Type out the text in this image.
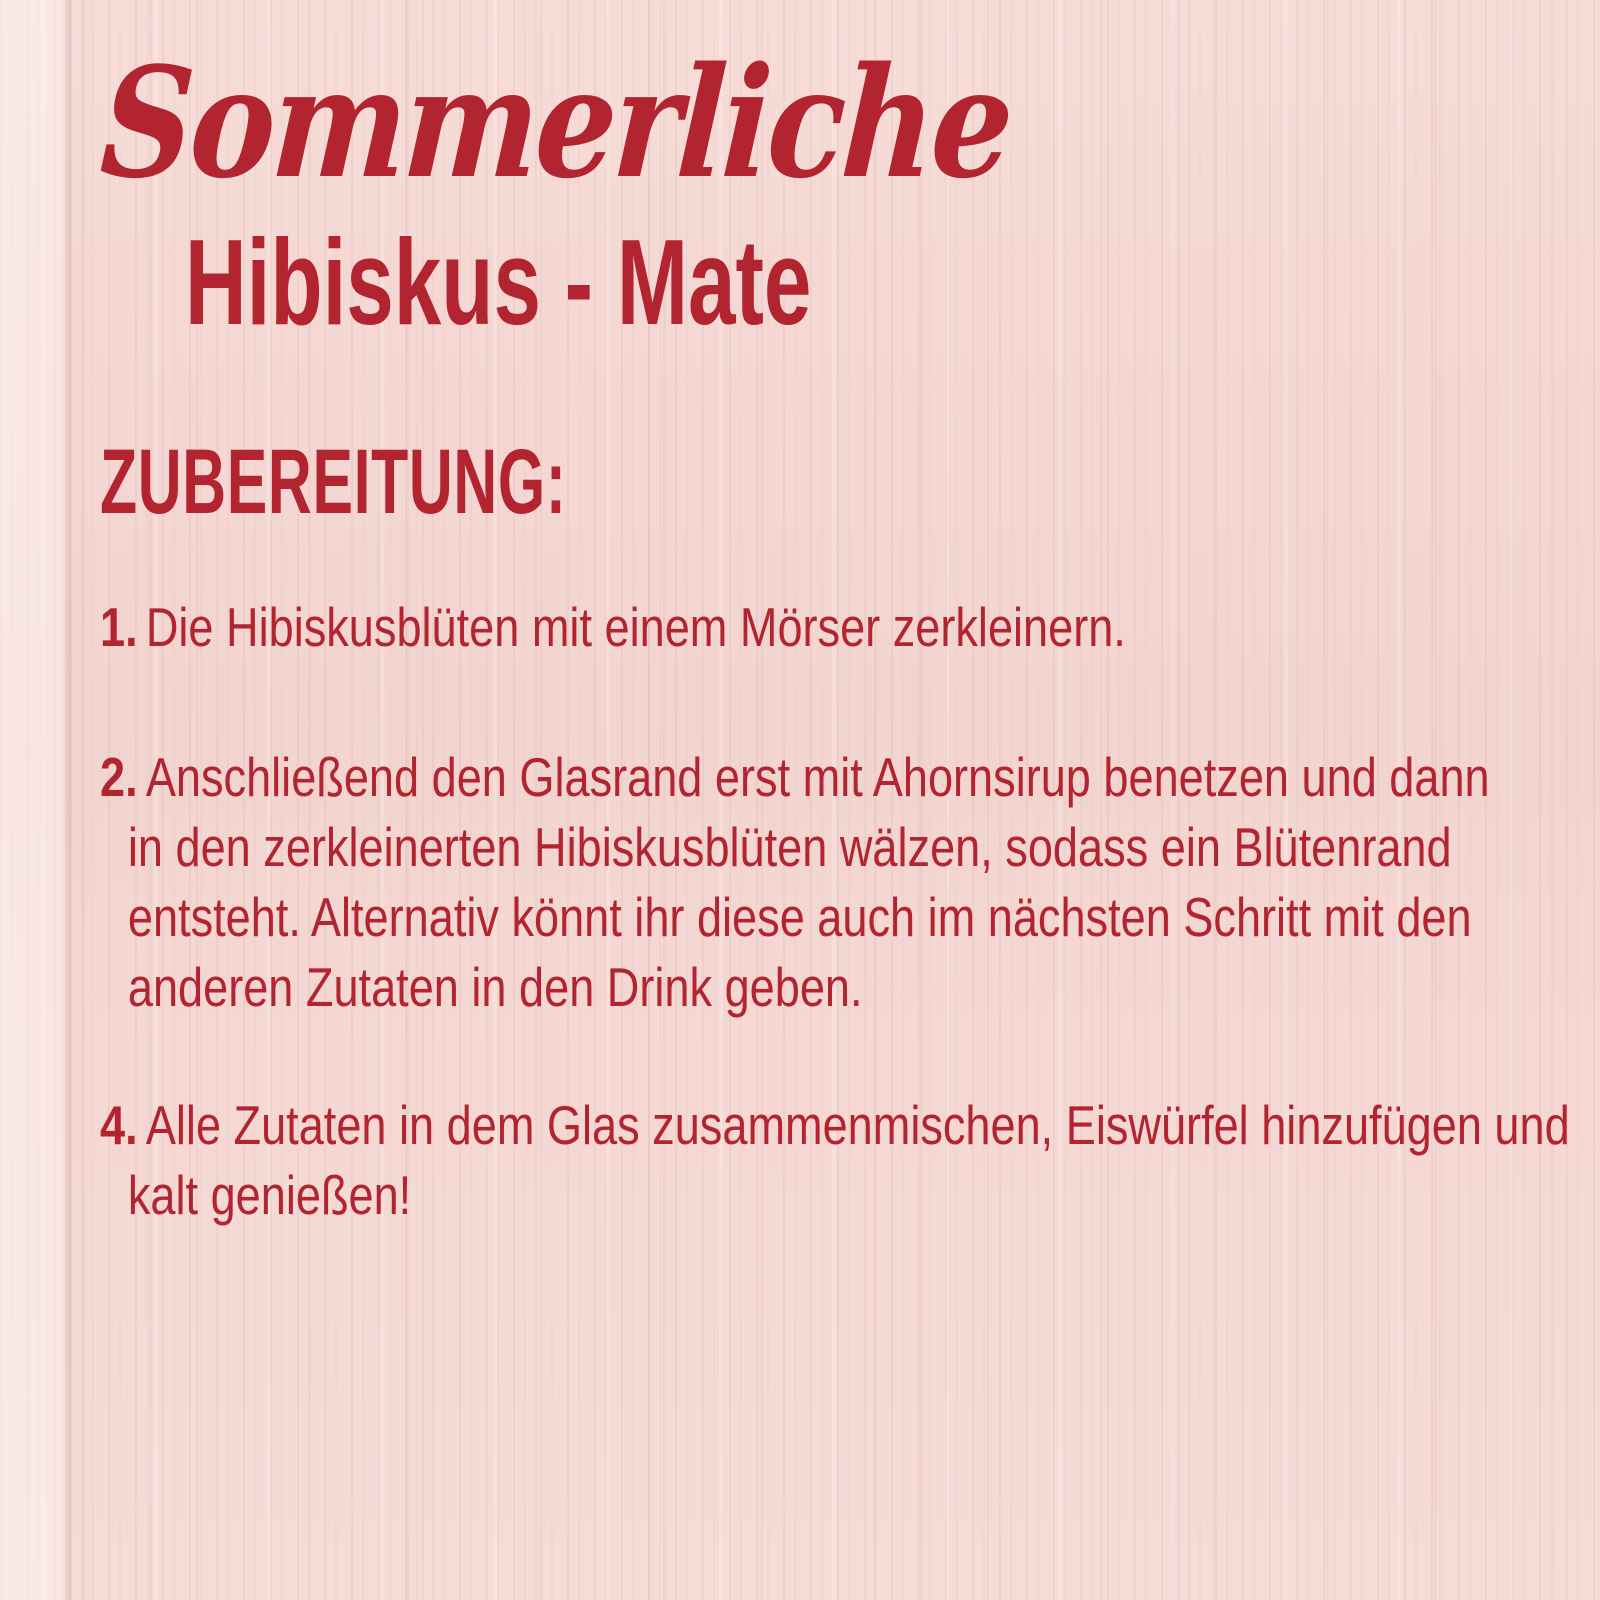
Sommerliche
Hibiskus - Mate
ZUBEREITUNG:
1. Die Hibiskusblüten mit einem Mörser zerkleinern.
2. Anschließend den Glasrand erst mit Ahornsirup benetzen und dann
in den zerkleinerten Hibiskusblüten wälzen, sodass ein Blütenrand
entsteht. Alternativ könnt ihr diese auch im nächsten Schritt mit den
anderen Zutaten in den Drink geben.
4. Alle Zutaten in dem Glas zusammenmischen, Eiswürfel hinzufügen und
kalt genießen!
